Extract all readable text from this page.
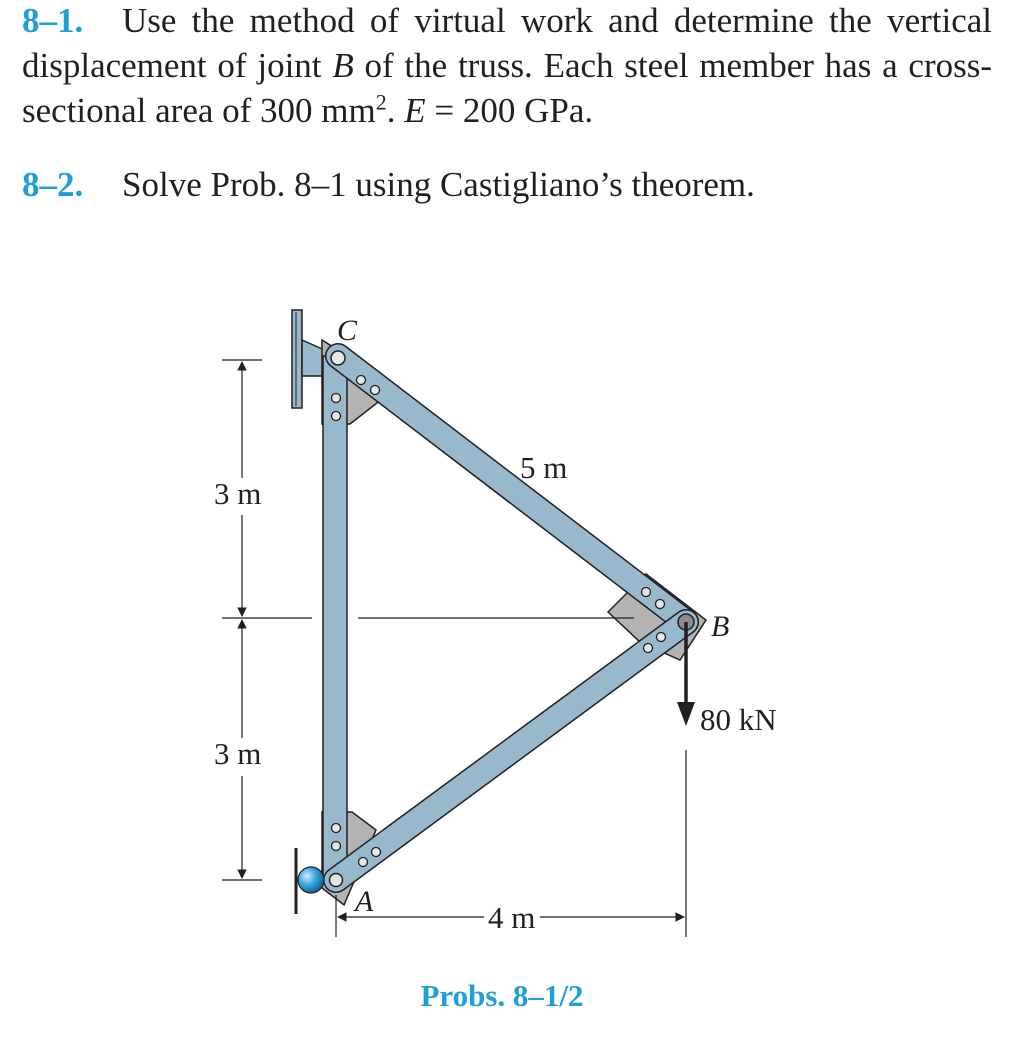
8–1. Use the method of virtual work and determine the vertical displacement of joint B of the truss. Each steel member has a cross-sectional area of 300 $mm^2$. E = 200 GPa.
8–2. Solve Prob. 8–1 using Castigliano’s theorem.
C
B
A
5 m
3 m
3 m
4 m
80 kN
Probs. 8–1/2
